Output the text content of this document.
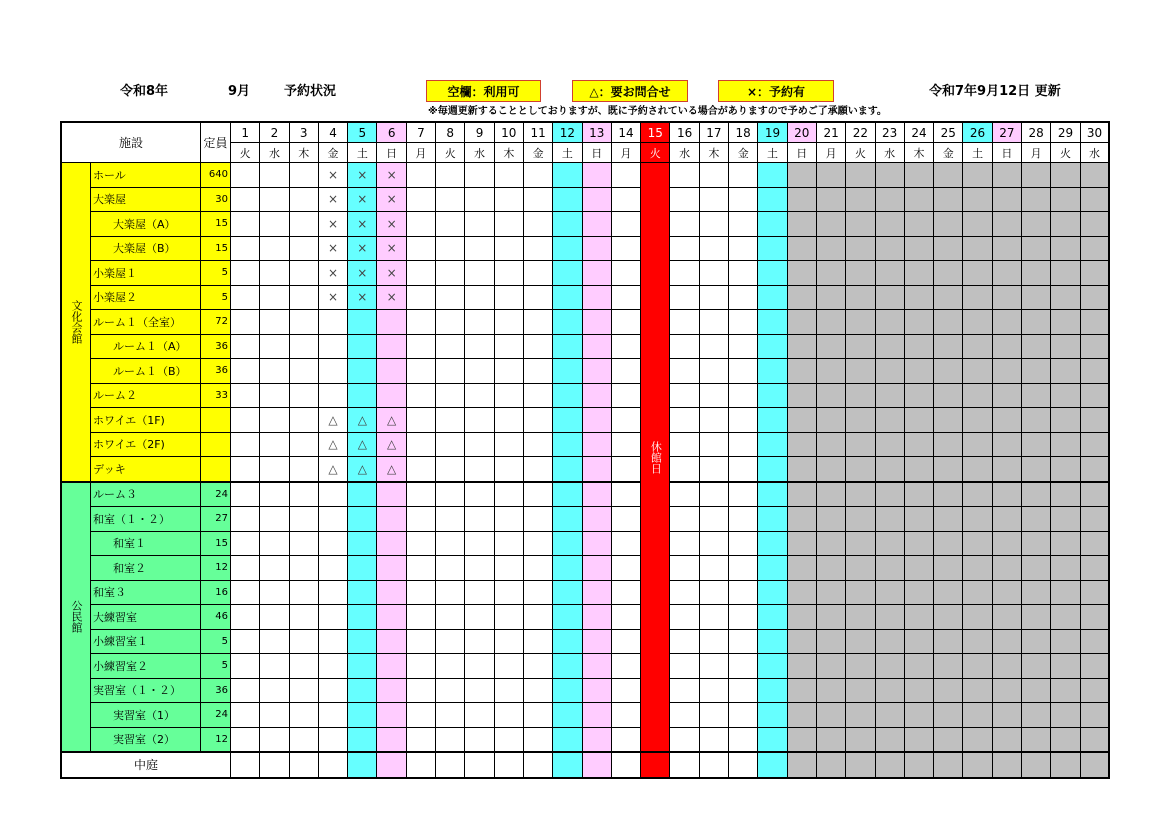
令和8年	9月	予約状況	空欄：利用可	△：要お問合せ	×：予約有	令和7年9月12日 更新
※毎週更新することとしておりますが、既に予約されている場合がありますので予めご了承願います。
施設		定員	1	2	3	4	5	6	7	8	9	10	11	12	13	14	15	16	17	18	19	20	21	22	23	24	25	26	27	28	29	30
			火	水	木	金	土	日	月	火	水	木	金	土	日	月	火	水	木	金	土	日	月	火	水	木	金	土	日	月	火	水
文化会館	ホール	640				×	×	×									休館日															
	大楽屋	30				×	×	×																								
	大楽屋（A）	15				×	×	×																								
	大楽屋（B）	15				×	×	×																								
	小楽屋１	5				×	×	×																								
	小楽屋２	5				×	×	×																								
	ルーム１（全室）	72																														
	ルーム１（A）	36																														
	ルーム１（B）	36																														
	ルーム２	33																														
	ホワイエ（1F)					△	△	△																								
	ホワイエ（2F)					△	△	△																								
	デッキ					△	△	△																								
公民館	ルーム３	24																														
	和室（１・２）	27																														
	和室１	15																														
	和室２	12																														
	和室３	16																														
	大練習室	46																														
	小練習室１	5																														
	小練習室２	5																														
	実習室（１・２）	36																														
	実習室（1）	24																														
	実習室（2）	12																														
中庭																																
